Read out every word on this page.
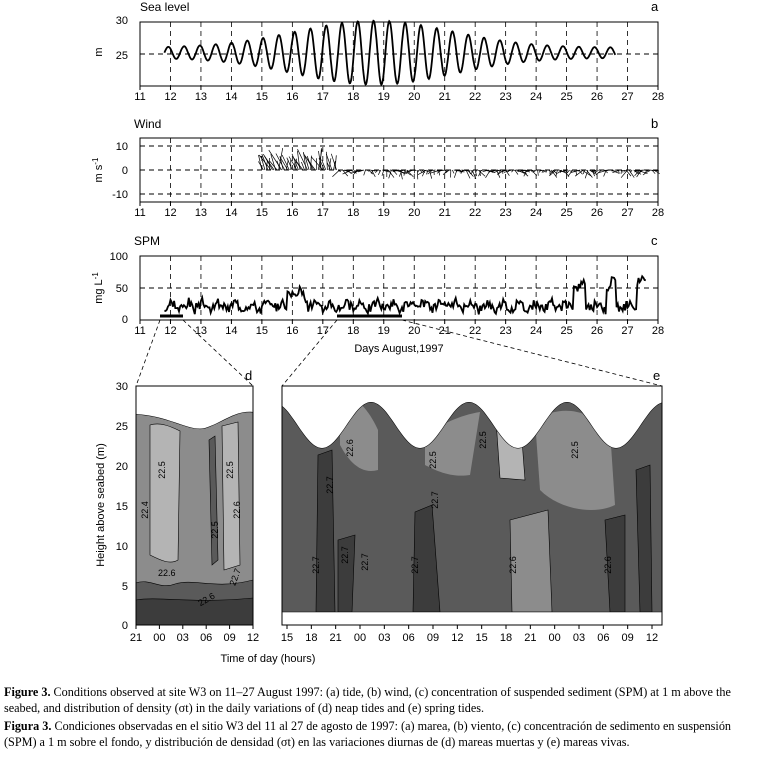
Sea level	a
30
25
m
11 12 13 14 15 16 17 18 19 20 21 22 23 24 25 26 27 28
Wind	b
10
0
-10
m $s^{-1}$
11 12 13 14 15 16 17 18 19 20 21 22 23 24 25 26 27 28
SPM	c
100
50
0
mg $L^{-1}$
11 12 13 14 15 16 17 18 19 20 21 22 23 24 25 26 27 28
Days August,1997
d
22.5	22.5
22.4
22.5
22.6
22.6	22.7
22.6
21 00 03 06 09 12
e
22.6
22.5
22.5
22.5
22.7
22.7
22.7
22.7 22.7	22.7	22.6	22.6
15 18 21 00 03 06 09 12 15 18 21 00 03 06 09 12
30
25
20
15
10
5
0
Height above seabed (m)
Time of day (hours)
Figure 3. Conditions observed at site W3 on 11–27 August 1997: (a) tide, (b) wind, (c) concentration of suspended sediment (SPM) at 1 m above the seabed, and distribution of density (σt) in the daily variations of (d) neap tides and (e) spring tides.
Figura 3. Condiciones observadas en el sitio W3 del 11 al 27 de agosto de 1997: (a) marea, (b) viento, (c) concentración de sedimento en suspensión (SPM) a 1 m sobre el fondo, y distribución de densidad (σt) en las variaciones diurnas de (d) mareas muertas y (e) mareas vivas.
